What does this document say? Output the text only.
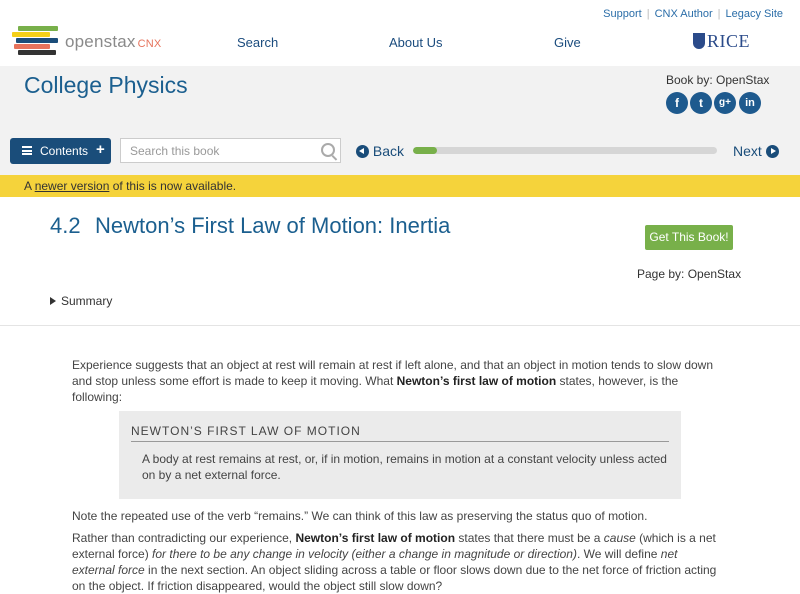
Support | CNX Author | Legacy Site
openstax CNX	Search	About Us	Give	RICE
College Physics	Book by: OpenStax
f	t	g+	in
Contents +
Search this book	Back	Next
A newer version of this is now available.
4.2 Newton’s First Law of Motion: Inertia	Get This Book!
Page by: OpenStax
Summary
Experience suggests that an object at rest will remain at rest if left alone, and that an object in motion tends to slow down and stop unless some effort is made to keep it moving. What Newton’s first law of motion states, however, is the following:
NEWTON’S FIRST LAW OF MOTION
A body at rest remains at rest, or, if in motion, remains in motion at a constant velocity unless acted on by a net external force.
Note the repeated use of the verb “remains.” We can think of this law as preserving the status quo of motion.
Rather than contradicting our experience, Newton’s first law of motion states that there must be a cause (which is a net external force) for there to be any change in velocity (either a change in magnitude or direction). We will define net external force in the next section. An object sliding across a table or floor slows down due to the net force of friction acting on the object. If friction disappeared, would the object still slow down?
